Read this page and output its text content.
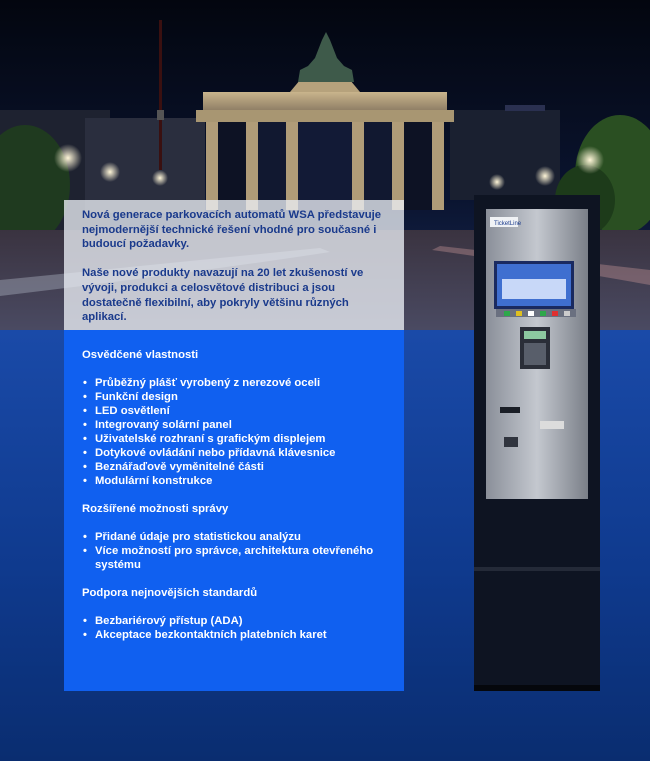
Nová generace parkovacích automatů WSA představuje nejmodernější technické řešení vhodné pro současné i budoucí požadavky.

Naše nové produkty navazují na 20 let zkušeností ve vývoji, produkci a celosvětové distribuci a jsou dostatečně flexibilní, aby pokryly většinu různých aplikací.

Osvědčené vlastnosti
• Průběžný plášť vyrobený z nerezové oceli
• Funkční design
• LED osvětlení
• Integrovaný solární panel
• Uživatelské rozhraní s grafickým displejem
• Dotykové ovládání nebo přídavná klávesnice
• Beznářaďově vyměnitelné části
• Modulární konstrukce
Rozšířené možnosti správy
• Přidané údaje pro statistickou analýzu
• Více možností pro správce, architektura otevřeného systému
Podpora nejnovějších standardů
• Bezbariérový přístup (ADA)
• Akceptace bezkontaktních platebních karet
TicketLine
